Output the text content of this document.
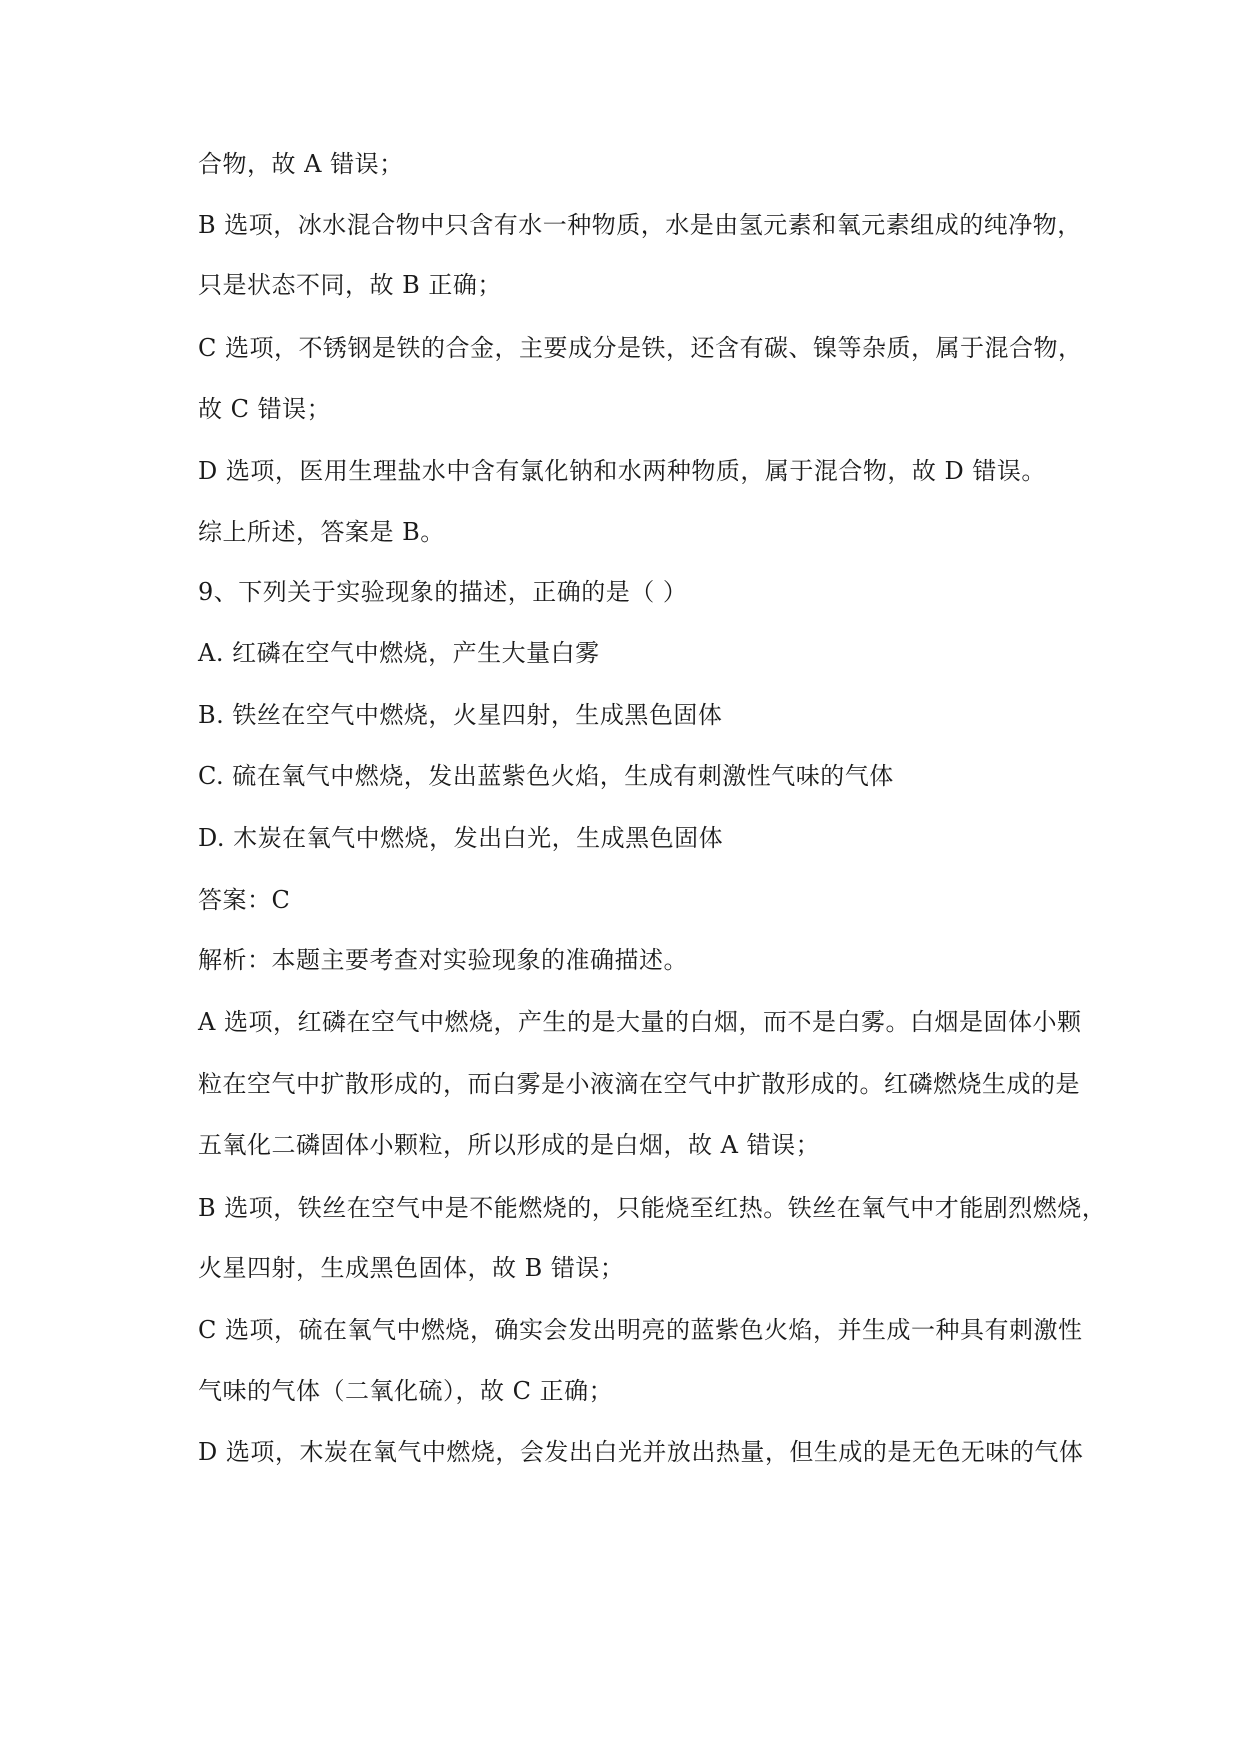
合物，故 A 错误；
B 选项，冰水混合物中只含有水一种物质，水是由氢元素和氧元素组成的纯净物，
只是状态不同，故 B 正确；
C 选项，不锈钢是铁的合金，主要成分是铁，还含有碳、镍等杂质，属于混合物，
故 C 错误；
D 选项，医用生理盐水中含有氯化钠和水两种物质，属于混合物，故 D 错误。
综上所述，答案是 B。
9、下列关于实验现象的描述，正确的是（ ）
A. 红磷在空气中燃烧，产生大量白雾
B. 铁丝在空气中燃烧，火星四射，生成黑色固体
C. 硫在氧气中燃烧，发出蓝紫色火焰，生成有刺激性气味的气体
D. 木炭在氧气中燃烧，发出白光，生成黑色固体
答案：C
解析：本题主要考查对实验现象的准确描述。
A 选项，红磷在空气中燃烧，产生的是大量的白烟，而不是白雾。白烟是固体小颗
粒在空气中扩散形成的，而白雾是小液滴在空气中扩散形成的。红磷燃烧生成的是
五氧化二磷固体小颗粒，所以形成的是白烟，故 A 错误；
B 选项，铁丝在空气中是不能燃烧的，只能烧至红热。铁丝在氧气中才能剧烈燃烧，
火星四射，生成黑色固体，故 B 错误；
C 选项，硫在氧气中燃烧，确实会发出明亮的蓝紫色火焰，并生成一种具有刺激性
气味的气体（二氧化硫），故 C 正确；
D 选项，木炭在氧气中燃烧，会发出白光并放出热量，但生成的是无色无味的气体
